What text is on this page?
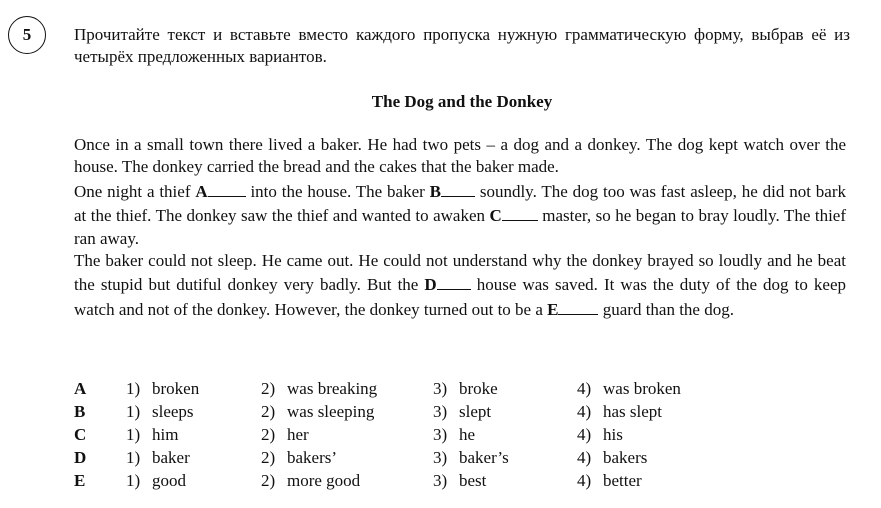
5	Прочитайте текст и вставьте вместо каждого пропуска нужную грамматическую форму, выбрав её из четырёх предложенных вариантов.
The Dog and the Donkey

Once in a small town there lived a baker. He had two pets – a dog and a donkey. The dog kept watch over the house. The donkey carried the bread and the cakes that the baker made.

One night a thief A into the house. The baker B soundly. The dog too was fast asleep, he did not bark at the thief. The donkey saw the thief and wanted to awaken C master, so he began to bray loudly. The thief ran away.

The baker could not sleep. He came out. He could not understand why the donkey brayed so loudly and he beat the stupid but dutiful donkey very badly. But the D house was saved. It was the duty of the dog to keep watch and not of the donkey. However, the donkey turned out to be a E guard than the dog.

A	1) broken	2) was breaking	3) broke	4) was broken
B	1) sleeps	2) was sleeping	3) slept	4) has slept
C	1) him	2) her	3) he	4) his
D	1) baker	2) bakers’	3) baker’s	4) bakers
E	1) good	2) more good	3) best	4) better
